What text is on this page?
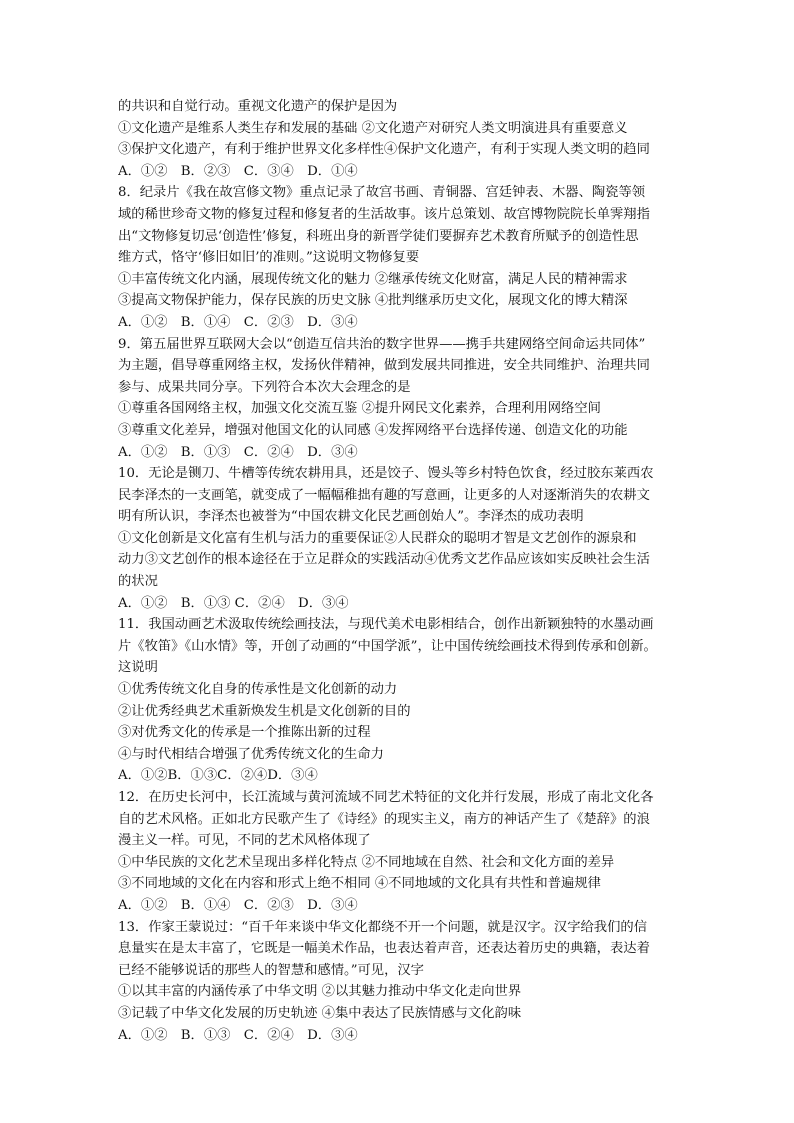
的共识和自觉行动。重视文化遗产的保护是因为
①文化遗产是维系人类生存和发展的基础 ②文化遗产对研究人类文明演进具有重要意义
③保护文化遗产，有利于维护世界文化多样性④保护文化遗产，有利于实现人类文明的趋同
A．①②　B．②③　C．③④　D．①④
8．纪录片《我在故宫修文物》重点记录了故宫书画、青铜器、宫廷钟表、木器、陶瓷等领
域的稀世珍奇文物的修复过程和修复者的生活故事。该片总策划、故宫博物院院长单霁翔指
出“文物修复切忌‘创造性’修复，科班出身的新晋学徒们要摒弃艺术教育所赋予的创造性思
维方式，恪守‘修旧如旧’的准则。”这说明文物修复要
①丰富传统文化内涵，展现传统文化的魅力 ②继承传统文化财富，满足人民的精神需求
③提高文物保护能力，保存民族的历史文脉 ④批判继承历史文化，展现文化的博大精深
A．①②　B．①④　C．②③　D．③④
9．第五届世界互联网大会以“创造互信共治的数字世界——携手共建网络空间命运共同体”
为主题，倡导尊重网络主权，发扬伙伴精神，做到发展共同推进，安全共同维护、治理共同
参与、成果共同分享。下列符合本次大会理念的是
①尊重各国网络主权，加强文化交流互鉴 ②提升网民文化素养，合理利用网络空间
③尊重文化差异，增强对他国文化的认同感 ④发挥网络平台选择传递、创造文化的功能
A．①②　B．①③　C．②④　D．③④
10．无论是铡刀、牛槽等传统农耕用具，还是饺子、馒头等乡村特色饮食，经过胶东莱西农
民李泽杰的一支画笔，就变成了一幅幅稚拙有趣的写意画，让更多的人对逐渐消失的农耕文
明有所认识，李泽杰也被誉为“中国农耕文化民艺画创始人”。李泽杰的成功表明
①文化创新是文化富有生机与活力的重要保证②人民群众的聪明才智是文艺创作的源泉和
动力③文艺创作的根本途径在于立足群众的实践活动④优秀文艺作品应该如实反映社会生活
的状况
A．①②　B．①③ C．②④　D．③④
11．我国动画艺术汲取传统绘画技法，与现代美术电影相结合，创作出新颖独特的水墨动画
片《牧笛》《山水情》等，开创了动画的“中国学派”，让中国传统绘画技术得到传承和创新。
这说明
①优秀传统文化自身的传承性是文化创新的动力
②让优秀经典艺术重新焕发生机是文化创新的目的
③对优秀文化的传承是一个推陈出新的过程
④与时代相结合增强了优秀传统文化的生命力
A．①②B．①③C．②④D．③④
12．在历史长河中，长江流域与黄河流域不同艺术特征的文化并行发展，形成了南北文化各
自的艺术风格。正如北方民歌产生了《诗经》的现实主义，南方的神话产生了《楚辞》的浪
漫主义一样。可见，不同的艺术风格体现了
①中华民族的文化艺术呈现出多样化特点 ②不同地域在自然、社会和文化方面的差异
③不同地域的文化在内容和形式上绝不相同 ④不同地域的文化具有共性和普遍规律
A．①②　B．①④　C．②③　D．③④
13．作家王蒙说过：“百千年来谈中华文化都绕不开一个问题，就是汉字。汉字给我们的信
息量实在是太丰富了，它既是一幅美术作品，也表达着声音，还表达着历史的典籍，表达着
已经不能够说话的那些人的智慧和感情。”可见，汉字
①以其丰富的内涵传承了中华文明 ②以其魅力推动中华文化走向世界
③记载了中华文化发展的历史轨迹 ④集中表达了民族情感与文化韵味
A．①②　B．①③　C．②④　D．③④
